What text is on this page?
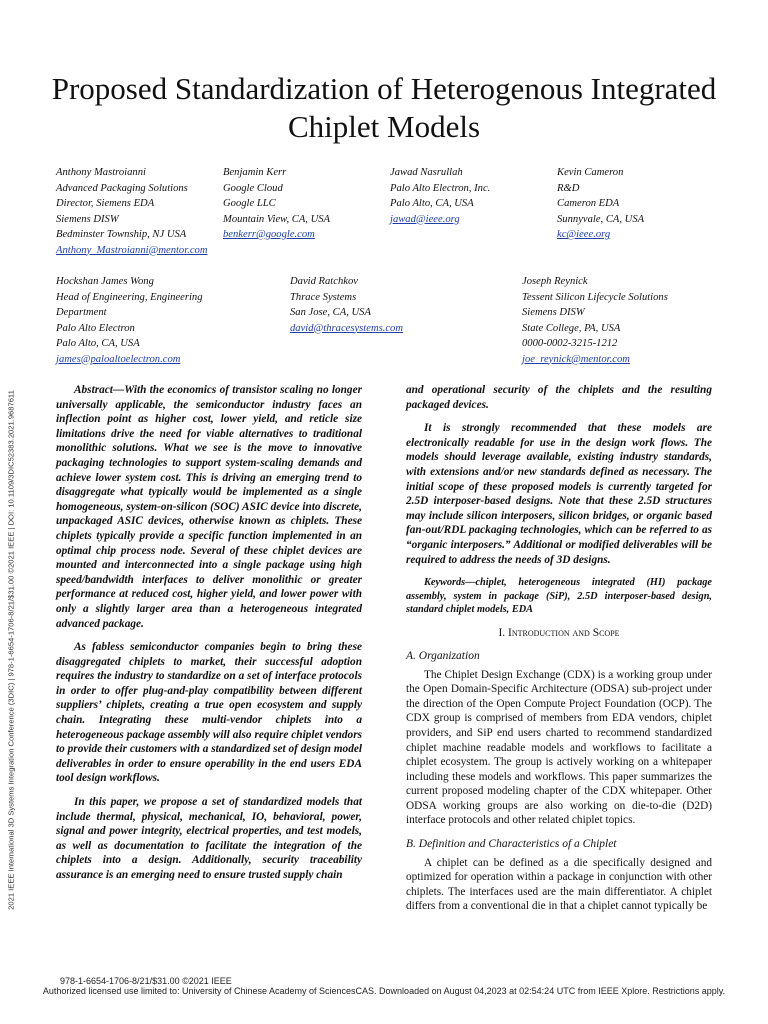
Proposed Standardization of Heterogenous Integrated Chiplet Models
2021 IEEE International 3D Systems Integration Conference (3DIC) | 978-1-6654-1706-8/21/$31.00 ©2021 IEEE | DOI: 10.1109/3DIC52383.2021.9687611
Anthony Mastroianni
Advanced Packaging Solutions
Director, Siemens EDA
Siemens DISW
Bedminster Township, NJ USA
Anthony_Mastroianni@mentor.com
Benjamin Kerr
Google Cloud
Google LLC
Mountain View, CA, USA
benkerr@google.com
Jawad Nasrullah
Palo Alto Electron, Inc.
Palo Alto, CA, USA
jawad@ieee.org
Kevin Cameron
R&D
Cameron EDA
Sunnyvale, CA, USA
kc@ieee.org
Hockshan James Wong
Head of Engineering, Engineering
Department
Palo Alto Electron
Palo Alto, CA, USA
james@paloaltoelectron.com
David Ratchkov
Thrace Systems
San Jose, CA, USA
david@thracesystems.com
Joseph Reynick
Tessent Silicon Lifecycle Solutions
Siemens DISW
State College, PA, USA
0000-0002-3215-1212
joe_reynick@mentor.com

Abstract—With the economics of transistor scaling no longer universally applicable, the semiconductor industry faces an inflection point as higher cost, lower yield, and reticle size limitations drive the need for viable alternatives to traditional monolithic solutions. What we see is the move to innovative packaging technologies to support system-scaling demands and achieve lower system cost. This is driving an emerging trend to disaggregate what typically would be implemented as a single homogeneous, system-on-silicon (SOC) ASIC device into discrete, unpackaged ASIC devices, otherwise known as chiplets. These chiplets typically provide a specific function implemented in an optimal chip process node. Several of these chiplet devices are mounted and interconnected into a single package using high speed/bandwidth interfaces to deliver monolithic or greater performance at reduced cost, higher yield, and lower power with only a slightly larger area than a heterogeneous integrated advanced package.

As fabless semiconductor companies begin to bring these disaggregated chiplets to market, their successful adoption requires the industry to standardize on a set of interface protocols in order to offer plug-and-play compatibility between different suppliers’ chiplets, creating a true open ecosystem and supply chain. Integrating these multi-vendor chiplets into a heterogeneous package assembly will also require chiplet vendors to provide their customers with a standardized set of design model deliverables in order to ensure operability in the end users EDA tool design workflows.

In this paper, we propose a set of standardized models that include thermal, physical, mechanical, IO, behavioral, power, signal and power integrity, electrical properties, and test models, as well as documentation to facilitate the integration of the chiplets into a design. Additionally, security traceability assurance is an emerging need to ensure trusted supply chain

and operational security of the chiplets and the resulting packaged devices.

It is strongly recommended that these models are electronically readable for use in the design work flows. The models should leverage available, existing industry standards, with extensions and/or new standards defined as necessary. The initial scope of these proposed models is currently targeted for 2.5D interposer-based designs. Note that these 2.5D structures may include silicon interposers, silicon bridges, or organic based fan-out/RDL packaging technologies, which can be referred to as “organic interposers.” Additional or modified deliverables will be required to address the needs of 3D designs.

Keywords—chiplet, heterogeneous integrated (HI) package assembly, system in package (SiP), 2.5D interposer-based design, standard chiplet models, EDA
I. Introduction and Scope
A. Organization

The Chiplet Design Exchange (CDX) is a working group under the Open Domain-Specific Architecture (ODSA) sub-project under the direction of the Open Compute Project Foundation (OCP). The CDX group is comprised of members from EDA vendors, chiplet providers, and SiP end users charted to recommend standardized chiplet machine readable models and workflows to facilitate a chiplet ecosystem. The group is actively working on a whitepaper including these models and workflows. This paper summarizes the current proposed modeling chapter of the CDX whitepaper. Other ODSA working groups are also working on die-to-die (D2D) interface protocols and other related chiplet topics.

B. Definition and Characteristics of a Chiplet

A chiplet can be defined as a die specifically designed and optimized for operation within a package in conjunction with other chiplets. The interfaces used are the main differentiator. A chiplet differs from a conventional die in that a chiplet cannot typically be

978-1-6654-1706-8/21/$31.00 ©2021 IEEE
Authorized licensed use limited to: University of Chinese Academy of SciencesCAS. Downloaded on August 04,2023 at 02:54:24 UTC from IEEE Xplore. Restrictions apply.
